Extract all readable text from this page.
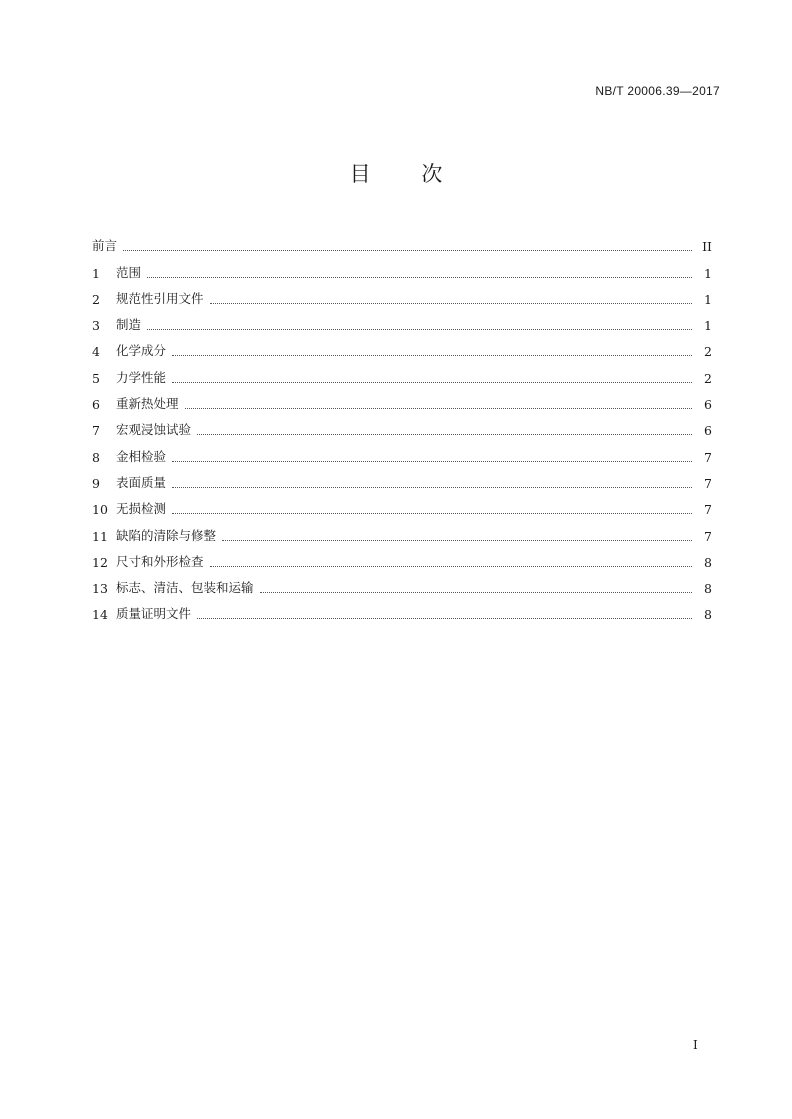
NB/T 20006.39—2017
目 次
前言	II
1	范围	1
2	规范性引用文件	1
3	制造	1
4	化学成分	2
5	力学性能	2
6	重新热处理	6
7	宏观浸蚀试验	6
8	金相检验	7
9	表面质量	7
10 无损检测	7
11 缺陷的清除与修整	7
12 尺寸和外形检查	8
13 标志、清洁、包装和运输	8
14 质量证明文件	8
I
